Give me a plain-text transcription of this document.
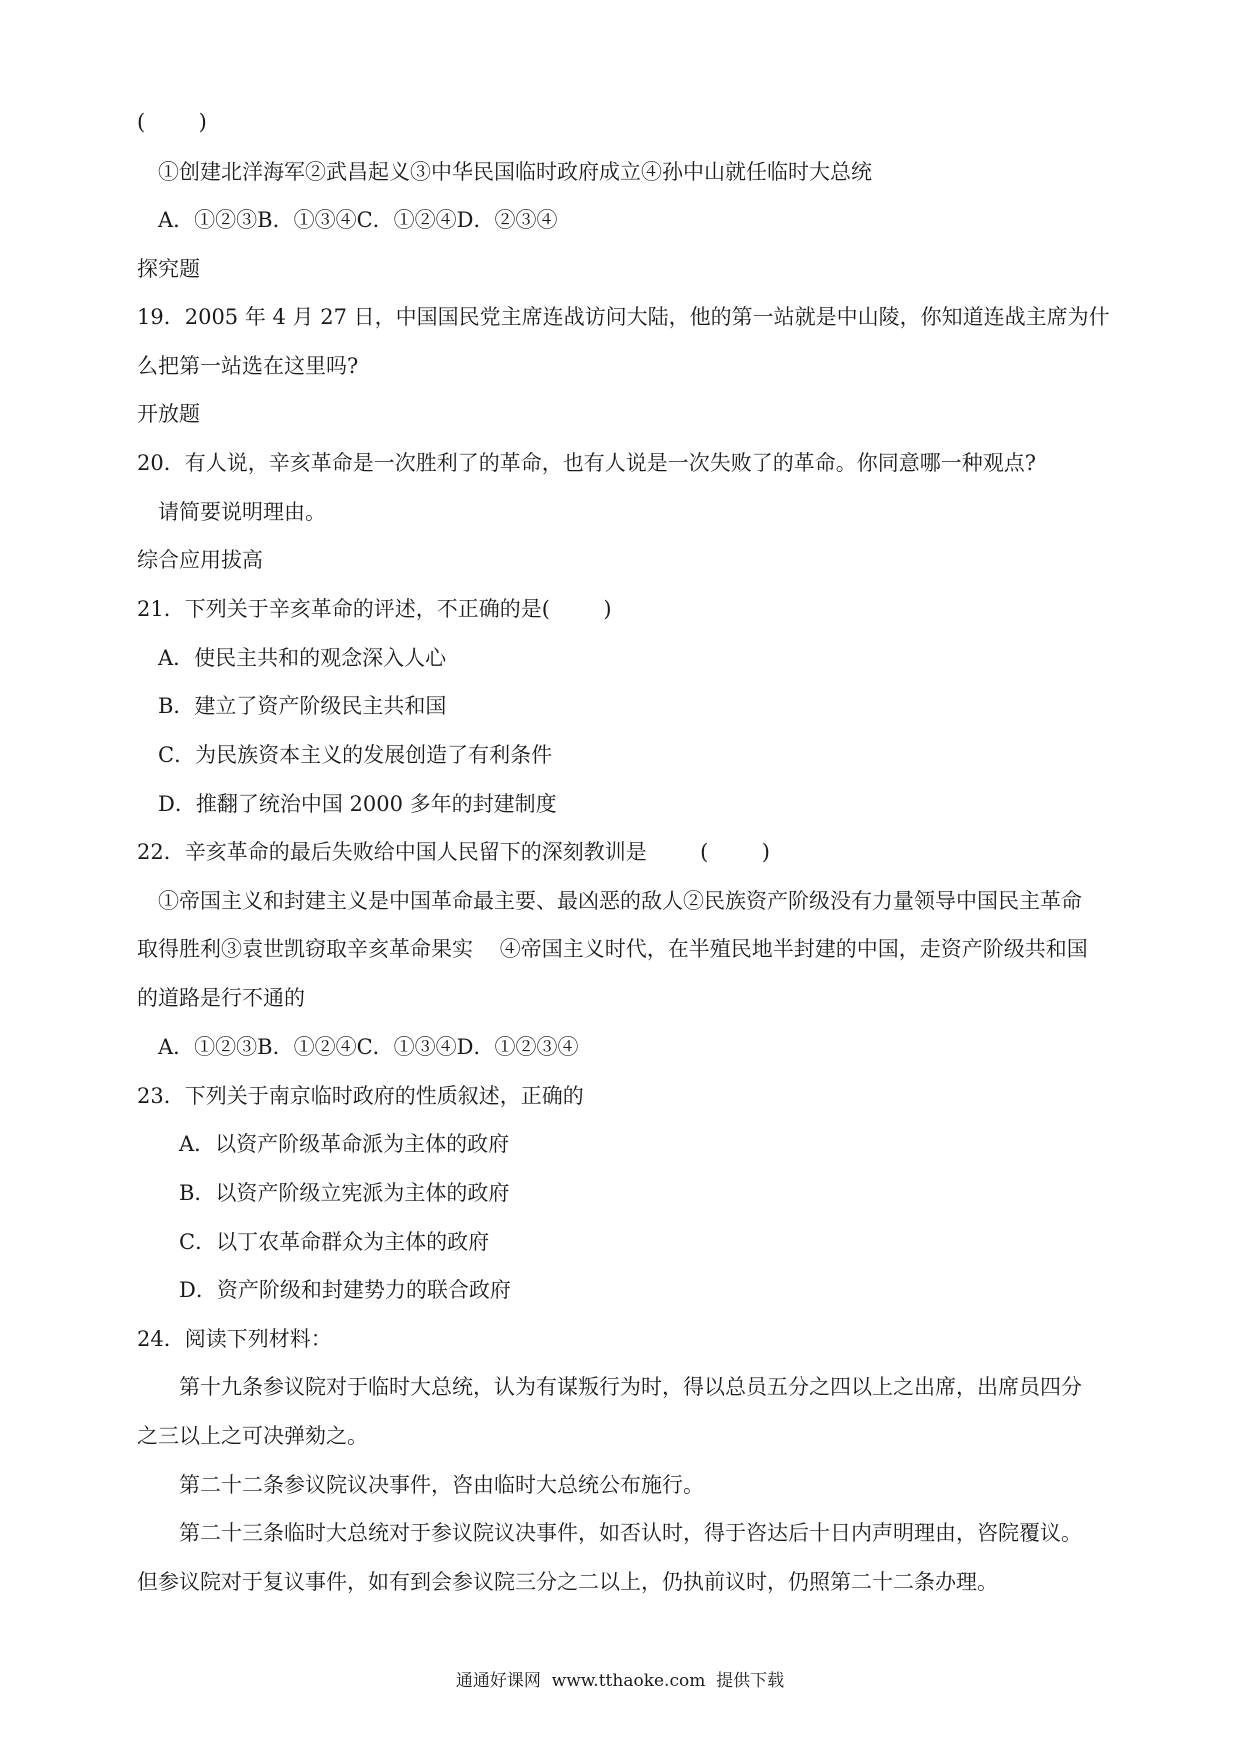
(        )
①创建北洋海军②武昌起义③中华民国临时政府成立④孙中山就任临时大总统
A．①②③B．①③④C．①②④D．②③④
探究题
19．2005 年 4 月 27 日，中国国民党主席连战访问大陆，他的第一站就是中山陵，你知道连战主席为什
么把第一站选在这里吗?
开放题
20．有人说，辛亥革命是一次胜利了的革命，也有人说是一次失败了的革命。你同意哪一种观点?
请简要说明理由。
综合应用拔高
21．下列关于辛亥革命的评述，不正确的是(        )
A．使民主共和的观念深入人心
B．建立了资产阶级民主共和国
C．为民族资本主义的发展创造了有利条件
D．推翻了统治中国 2000 多年的封建制度
22．辛亥革命的最后失败给中国人民留下的深刻教训是        (        )
①帝国主义和封建主义是中国革命最主要、最凶恶的敌人②民族资产阶级没有力量领导中国民主革命
取得胜利③袁世凯窃取辛亥革命果实    ④帝国主义时代，在半殖民地半封建的中国，走资产阶级共和国
的道路是行不通的
A．①②③B．①②④C．①③④D．①②③④
23．下列关于南京临时政府的性质叙述，正确的
A．以资产阶级革命派为主体的政府
B．以资产阶级立宪派为主体的政府
C．以丁农革命群众为主体的政府
D．资产阶级和封建势力的联合政府
24．阅读下列材料：
第十九条参议院对于临时大总统，认为有谋叛行为时，得以总员五分之四以上之出席，出席员四分
之三以上之可决弹劾之。
第二十二条参议院议决事件，咨由临时大总统公布施行。
第二十三条临时大总统对于参议院议决事件，如否认时，得于咨达后十日内声明理由，咨院覆议。
但参议院对于复议事件，如有到会参议院三分之二以上，仍执前议时，仍照第二十二条办理。
通通好课网  www.tthaoke.com  提供下载
